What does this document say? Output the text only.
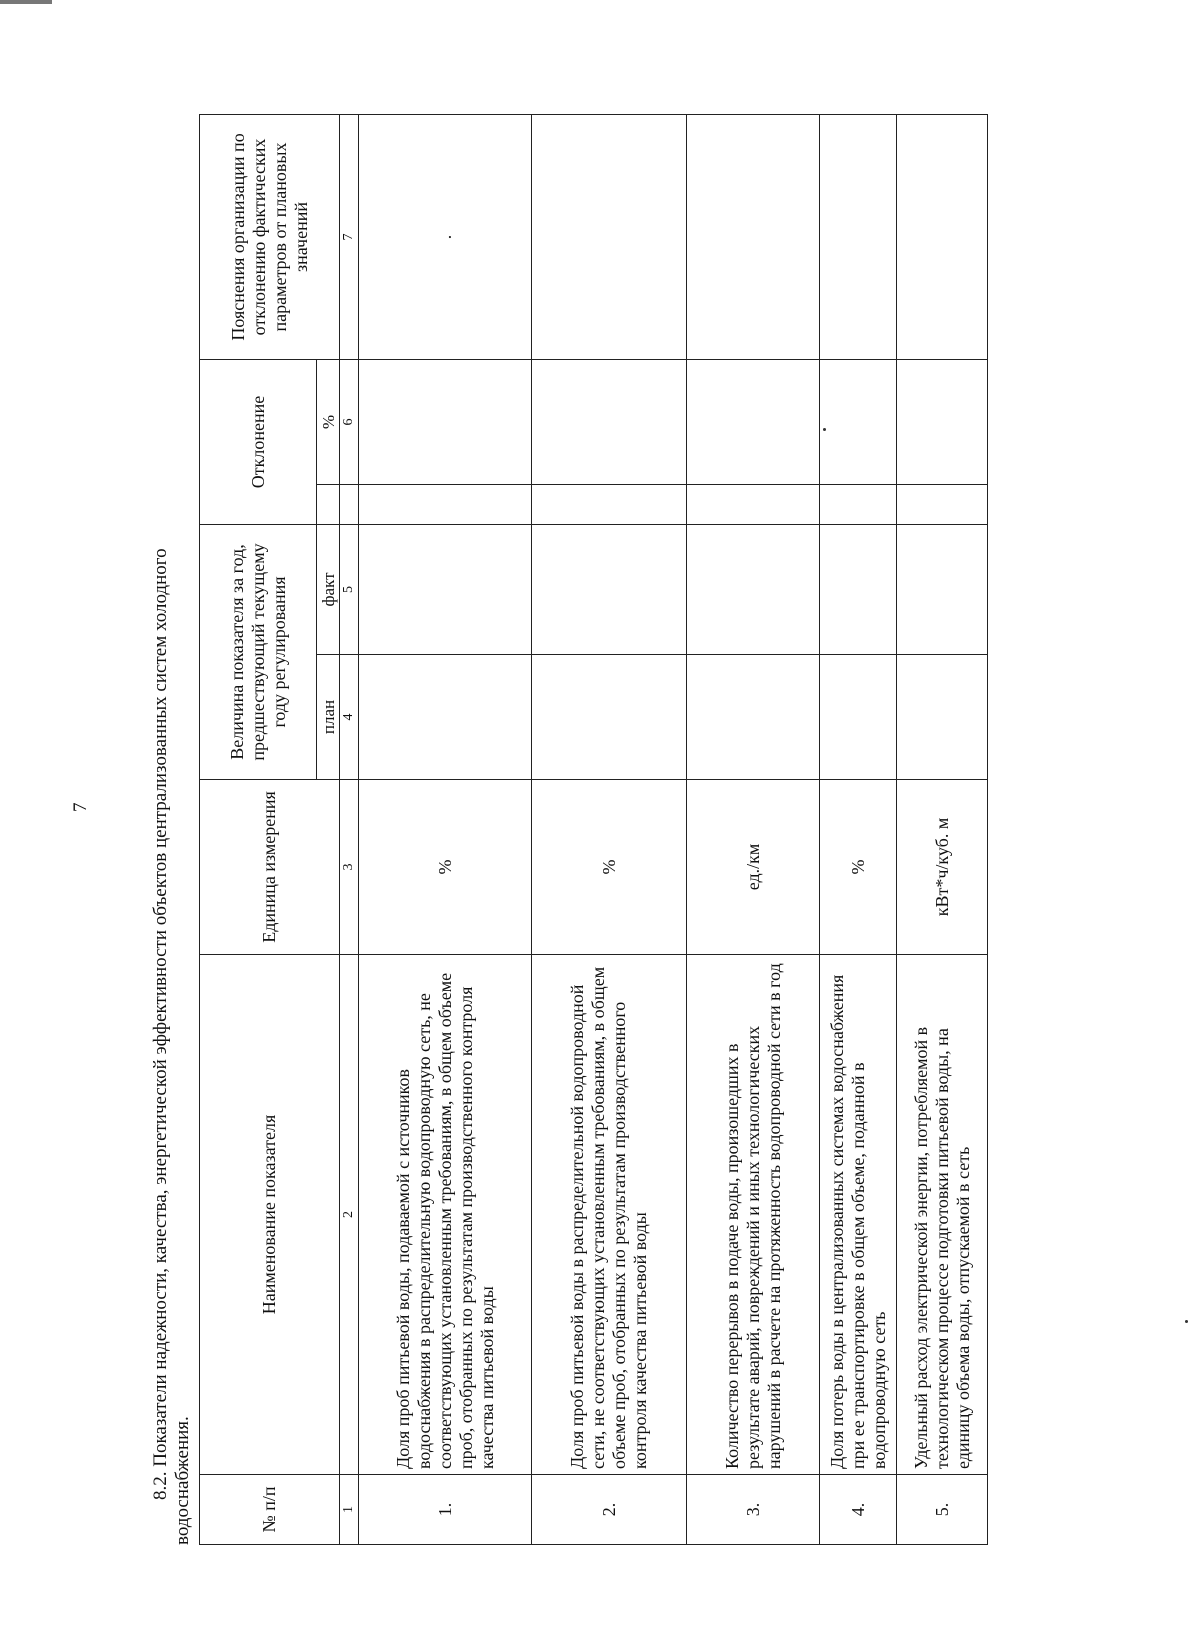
7	8.2. Показатели надежности, качества, энергетической эффективности объектов централизованных систем холодного водоснабжения.	№ п/п	Наименование показателя	Единица измерения	Величина показателя за год, предшествующий текущему году регулирования		Отклонение		Пояснения организации по отклонению фактических параметров от плановых значений
			план	факт		%	
1	2	3	4	5		6	7
1.	Доля проб питьевой воды, подаваемой с источников водоснабжения в распределительную водопроводную сеть, не соответствующих установленным требованиям, в общем объеме проб, отобранных по результатам производственного контроля качества питьевой воды	%					.
2.	Доля проб питьевой воды в распределительной водопроводной сети, не соответствующих установленным требованиям, в общем объеме проб, отобранных по результатам производственного контроля качества питьевой воды	%					
3.	Количество перерывов в подаче воды, произошедших в результате аварий, повреждений и иных технологических нарушений в расчете на протяженность водопроводной сети в год	ед./км					
4.	Доля потерь воды в централизованных системах водоснабжения при ее транспортировке в общем объеме, поданной в водопроводную сеть	%					
5.	Удельный расход электрической энергии, потребляемой в технологическом процессе подготовки питьевой воды, на единицу объема воды, отпускаемой в сеть	кВт*ч/куб. м					
